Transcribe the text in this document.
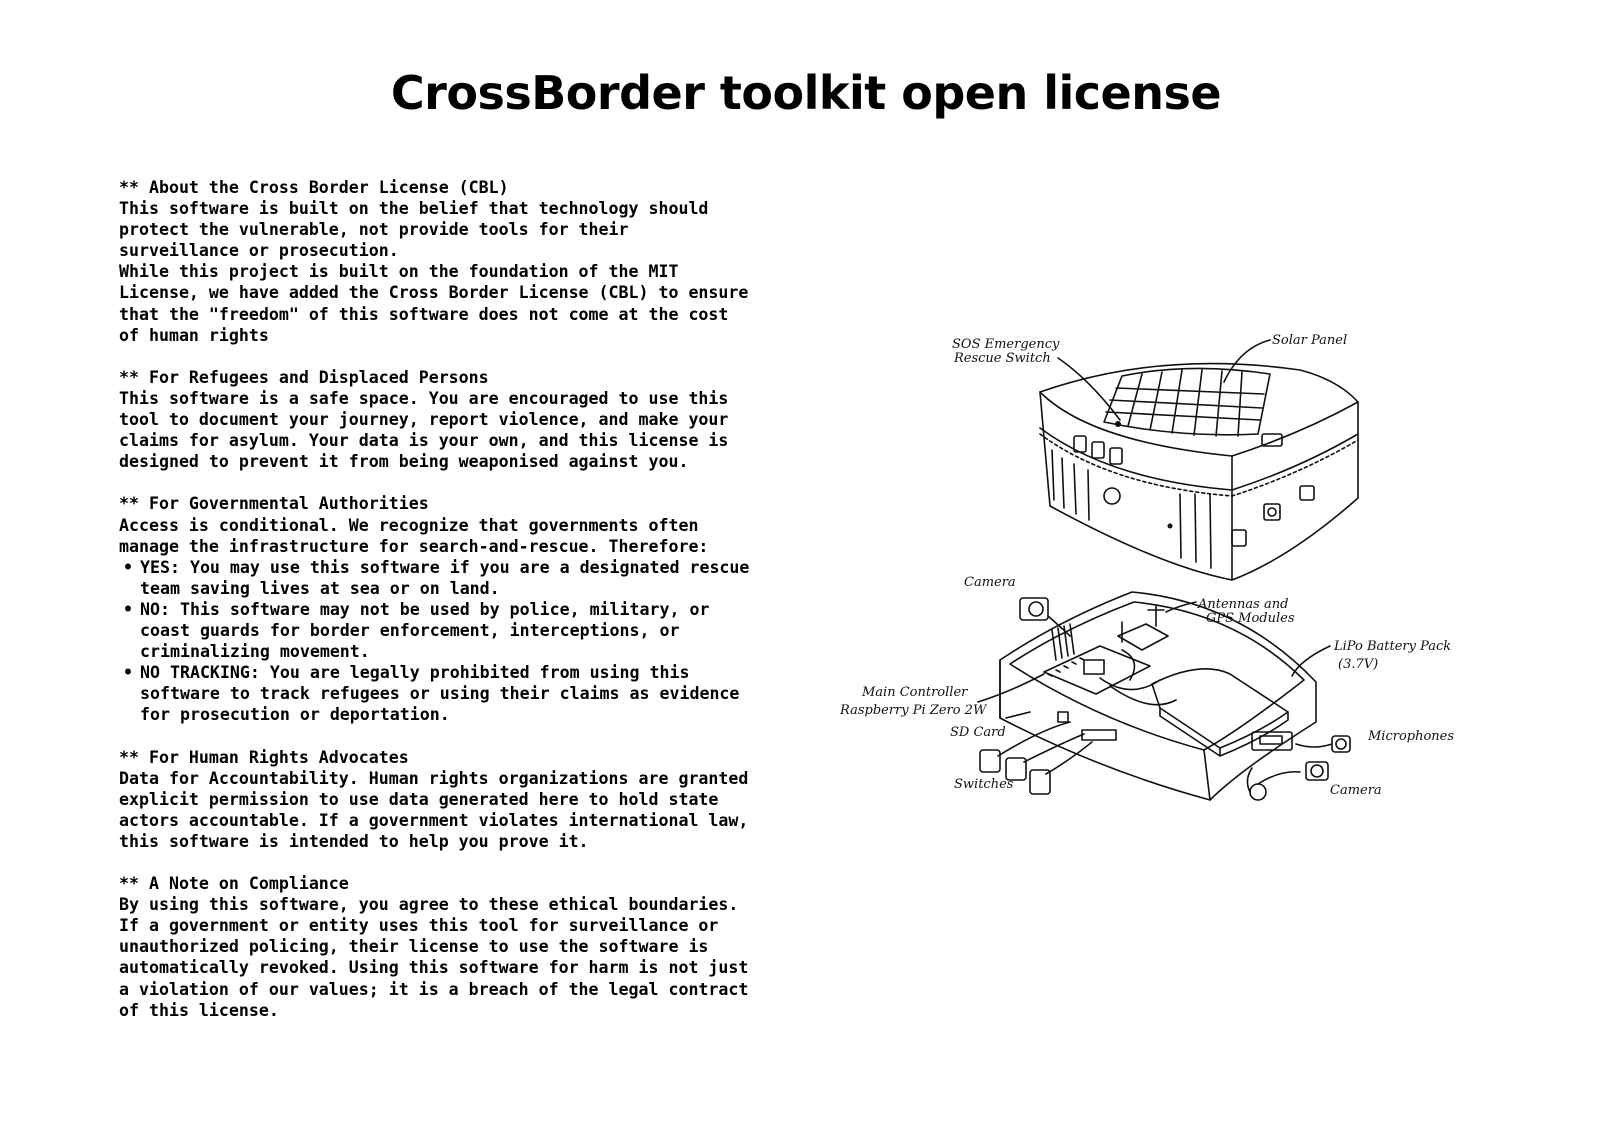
CrossBorder toolkit open license

** About the Cross Border License (CBL)

This software is built on the belief that technology should
protect the vulnerable, not provide tools for their
surveillance or prosecution.

While this project is built on the foundation of the MIT
License, we have added the Cross Border License (CBL) to ensure
that the "freedom" of this software does not come at the cost
of human rights

** For Refugees and Displaced Persons

This software is a safe space. You are encouraged to use this
tool to document your journey, report violence, and make your
claims for asylum. Your data is your own, and this license is
designed to prevent it from being weaponised against you.

** For Governmental Authorities

Access is conditional. We recognize that governments often
manage the infrastructure for search-and-rescue. Therefore:

• YES: You may use this software if you are a designated rescue
team saving lives at sea or on land.

• NO: This software may not be used by police, military, or
coast guards for border enforcement, interceptions, or
criminalizing movement.

• NO TRACKING: You are legally prohibited from using this
software to track refugees or using their claims as evidence
for prosecution or deportation.

** For Human Rights Advocates

Data for Accountability. Human rights organizations are granted
explicit permission to use data generated here to hold state
actors accountable. If a government violates international law,
this software is intended to help you prove it.

** A Note on Compliance

By using this software, you agree to these ethical boundaries.
If a government or entity uses this tool for surveillance or
unauthorized policing, their license to use the software is
automatically revoked. Using this software for harm is not just
a violation of our values; it is a breach of the legal contract
of this license.

SOS Emergency
Rescue Switch
Solar Panel
Camera
Antennas and
GPS Modules
LiPo Battery Pack
(3.7V)
Main Controller
Raspberry Pi Zero 2W
SD Card	Microphones
Switches	Camera
